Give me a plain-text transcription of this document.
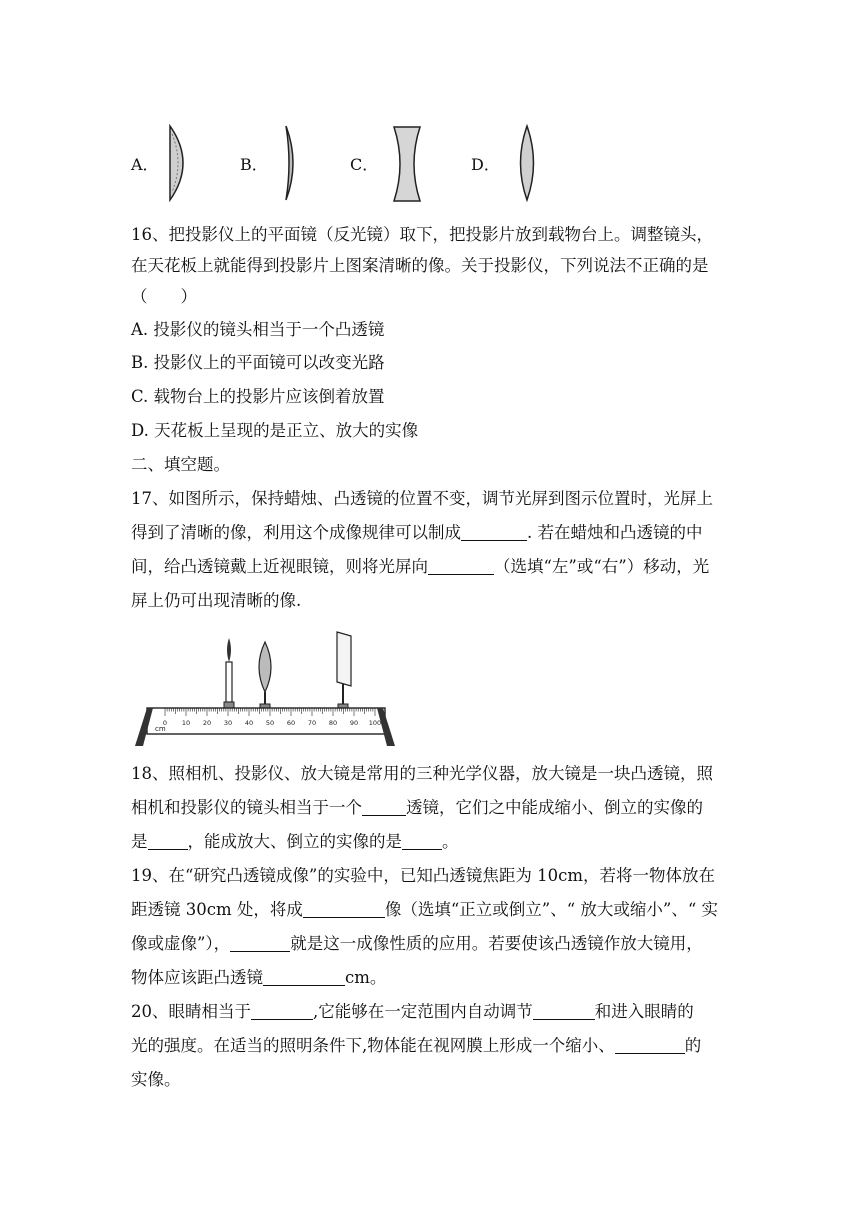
A．	B．	C．	D．
16、把投影仪上的平面镜（反光镜）取下，把投影片放到载物台上。调整镜头，
在天花板上就能得到投影片上图案清晰的像。关于投影仪，下列说法不正确的是
（　　）
A. 投影仪的镜头相当于一个凸透镜
B. 投影仪上的平面镜可以改变光路
C. 载物台上的投影片应该倒着放置
D. 天花板上呈现的是正立、放大的实像
二、填空题。
17、如图所示，保持蜡烛、凸透镜的位置不变，调节光屏到图示位置时，光屏上
得到了清晰的像，利用这个成像规律可以制成	. 若在蜡烛和凸透镜的中
间，给凸透镜戴上近视眼镜，则将光屏向	（选填“左”或“右”）移动，光
屏上仍可出现清晰的像.
0 10 20 30 40 50 60 70 80 90 100
cm
18、照相机、投影仪、放大镜是常用的三种光学仪器，放大镜是一块凸透镜，照
相机和投影仪的镜头相当于一个	透镜，它们之中能成缩小、倒立的实像的
是 ，能成放大、倒立的实像的是 。
19、在“研究凸透镜成像”的实验中，已知凸透镜焦距为 10cm，若将一物体放在
距透镜 30cm 处，将成	像（选填“正立或倒立”、“ 放大或缩小”、“ 实
像或虚像”），	就是这一成像性质的应用。若要使该凸透镜作放大镜用，
物体应该距凸透镜	cm。
20、眼睛相当于	,它能够在一定范围内自动调节	和进入眼睛的
光的强度。在适当的照明条件下,物体能在视网膜上形成一个缩小、	的
实像。
